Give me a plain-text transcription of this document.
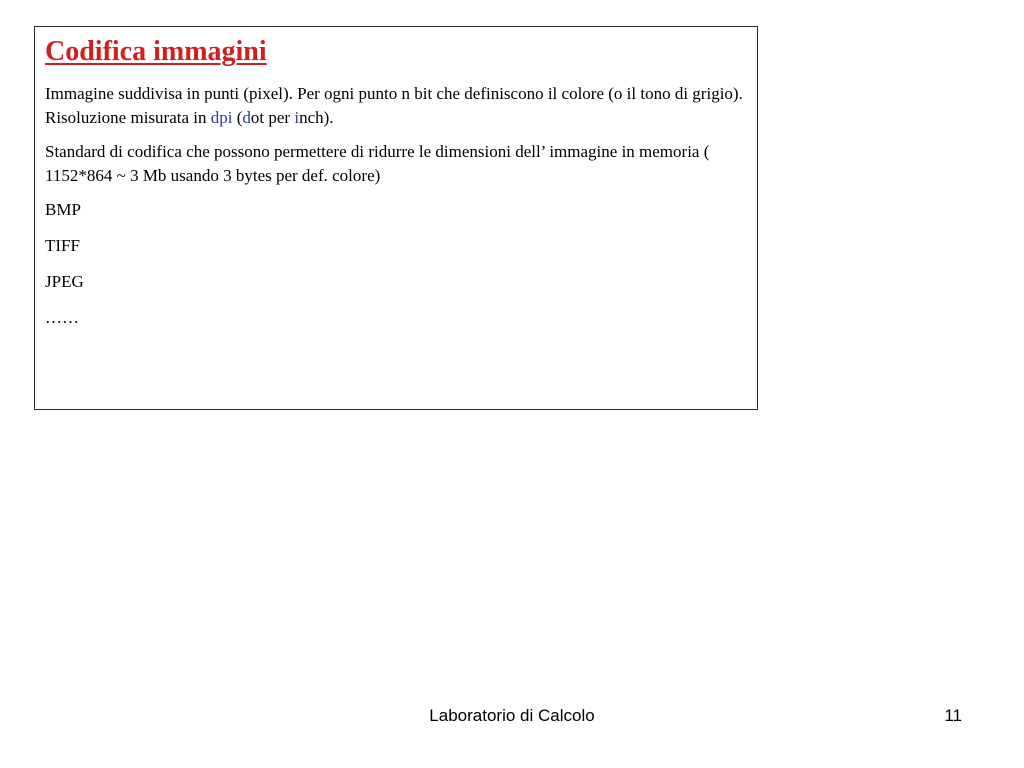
Codifica immagini

Immagine suddivisa in punti (pixel). Per ogni punto n bit che definiscono il colore (o il tono di grigio). Risoluzione misurata in dpi (dot per inch).

Standard di codifica che possono permettere di ridurre le dimensioni dell’ immagine in memoria ( 1152*864 ~ 3 Mb usando 3 bytes per def. colore)

BMP
TIFF
JPEG
……
Laboratorio di Calcolo	11
